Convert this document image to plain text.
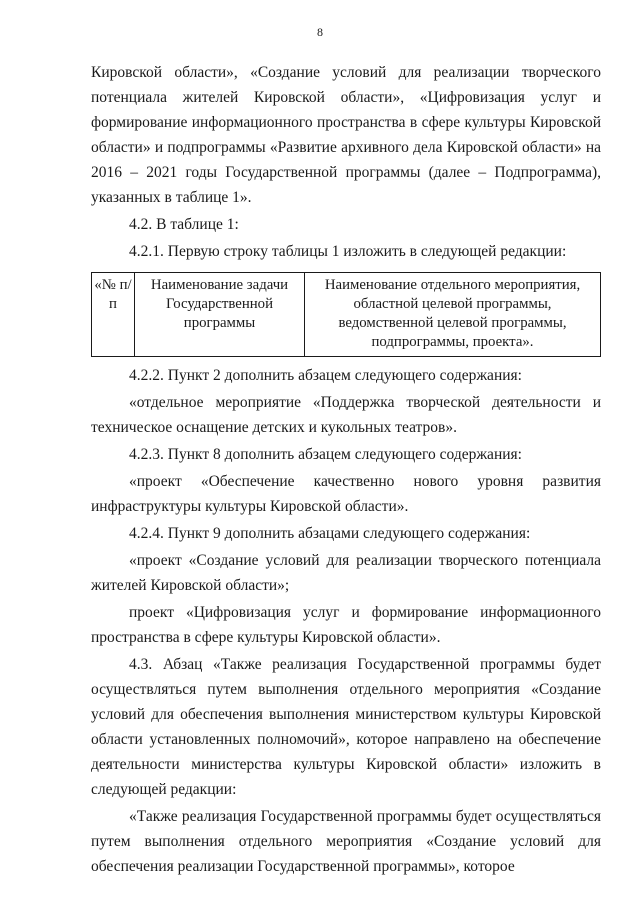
8

Кировской области», «Создание условий для реализации творческого потенциала жителей Кировской области», «Цифровизация услуг и формирование информационного пространства в сфере культуры Кировской области» и подпрограммы «Развитие архивного дела Кировской области» на 2016 – 2021 годы Государственной программы (далее – Подпрограмма), указанных в таблице 1».

4.2. В таблице 1:

4.2.1. Первую строку таблицы 1 изложить в следующей редакции:

«№ п/п	Наименование задачи Государственной программы	Наименование отдельного мероприятия, областной целевой программы, ведомственной целевой программы, подпрограммы, проекта».

4.2.2. Пункт 2 дополнить абзацем следующего содержания:

«отдельное мероприятие «Поддержка творческой деятельности и техническое оснащение детских и кукольных театров».

4.2.3. Пункт 8 дополнить абзацем следующего содержания:

«проект «Обеспечение качественно нового уровня развития инфраструктуры культуры Кировской области».

4.2.4. Пункт 9 дополнить абзацами следующего содержания:

«проект «Создание условий для реализации творческого потенциала жителей Кировской области»;

проект «Цифровизация услуг и формирование информационного пространства в сфере культуры Кировской области».

4.3. Абзац «Также реализация Государственной программы будет осуществляться путем выполнения отдельного мероприятия «Создание условий для обеспечения выполнения министерством культуры Кировской области установленных полномочий», которое направлено на обеспечение деятельности министерства культуры Кировской области» изложить в следующей редакции:

«Также реализация Государственной программы будет осуществляться путем выполнения отдельного мероприятия «Создание условий для обеспечения реализации Государственной программы», которое
